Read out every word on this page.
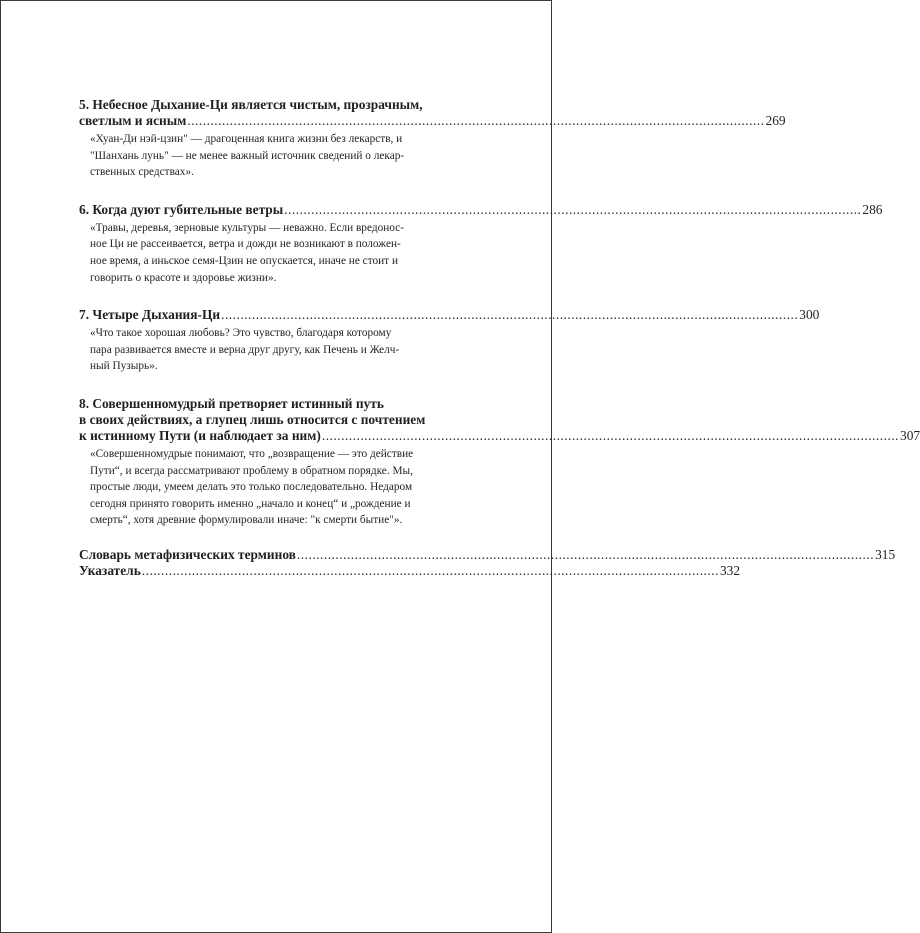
5. Небесное Дыхание-Ци является чистым, прозрачным,
светлым и ясным ...................................................................................................................................................... 269
«Хуан-Ди нэй-цзин" — драгоценная книга жизни без лекарств, и
"Шанхань лунь" — не менее важный источник сведений о лекар-
ственных средствах».
6. Когда дуют губительные ветры ...................................................................................................................................................... 286
«Травы, деревья, зерновые культуры — неважно. Если вредонос-
ное Ци не рассеивается, ветра и дожди не возникают в положен-
ное время, а иньское семя-Цзин не опускается, иначе не стоит и
говорить о красоте и здоровье жизни».
7. Четыре Дыхания-Ци ...................................................................................................................................................... 300
«Что такое хорошая любовь? Это чувство, благодаря которому
пара развивается вместе и верна друг другу, как Печень и Желч-
ный Пузырь».
8. Совершенномудрый претворяет истинный путь
в своих действиях, а глупец лишь относится с почтением
к истинному Пути (и наблюдает за ним) ...................................................................................................................................................... 307
«Совершенномудрые понимают, что „возвращение — это действие
Пути“, и всегда рассматривают проблему в обратном порядке. Мы,
простые люди, умеем делать это только последовательно. Недаром
сегодня принято говорить именно „начало и конец“ и „рождение и
смерть“, хотя древние формулировали иначе: "к смерти бытие"».
Словарь метафизических терминов ...................................................................................................................................................... 315
Указатель ...................................................................................................................................................... 332
